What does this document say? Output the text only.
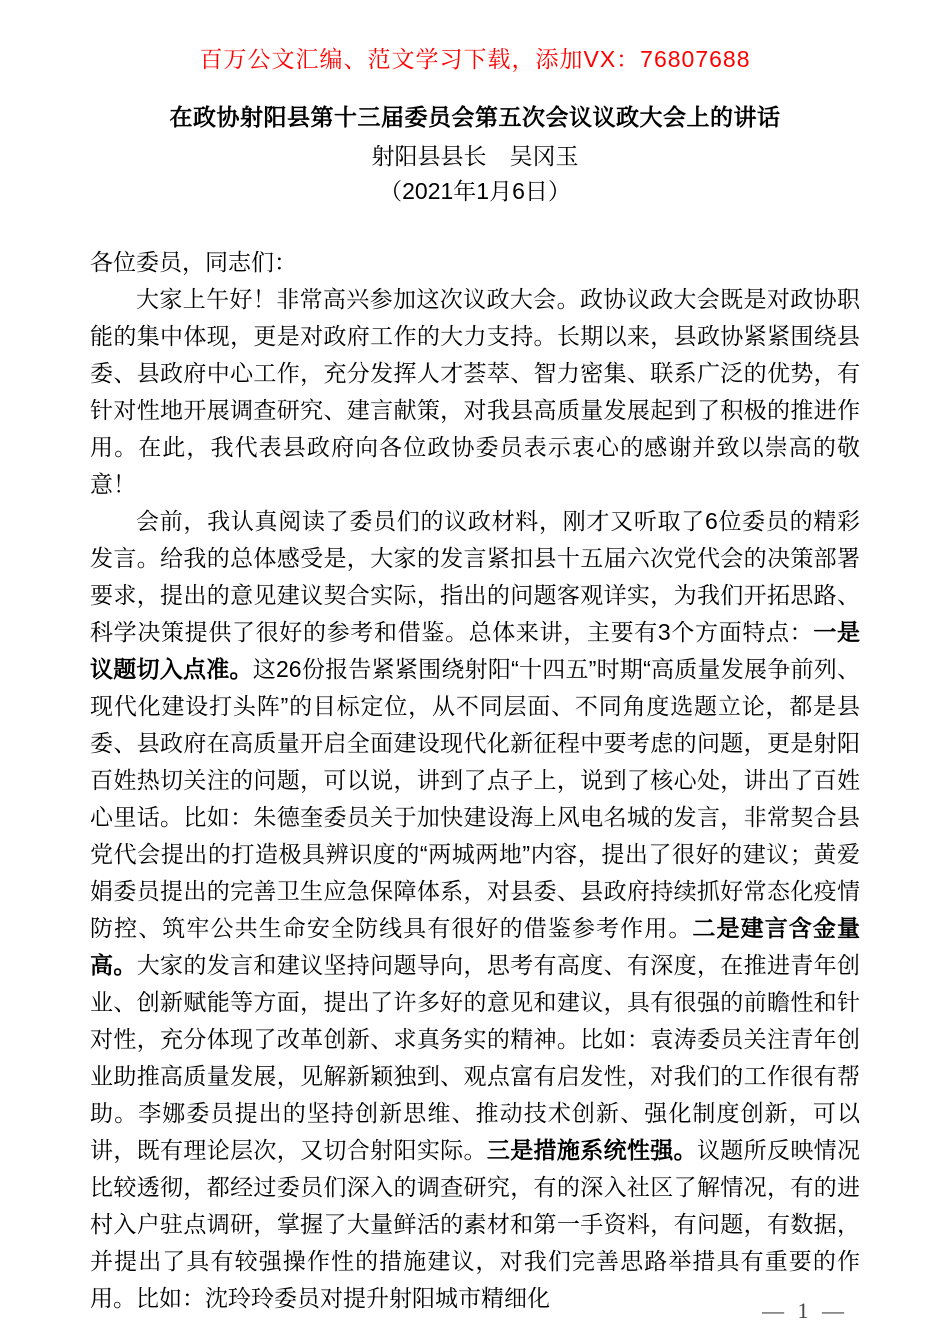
百万公文汇编、范文学习下载，添加VX：76807688
在政协射阳县第十三届委员会第五次会议议政大会上的讲话
射阳县县长　吴冈玉
（2021年1月6日）

各位委员，同志们：

大家上午好！非常高兴参加这次议政大会。政协议政大会既是对政协职能的集中体现，更是对政府工作的大力支持。长期以来，县政协紧紧围绕县委、县政府中心工作，充分发挥人才荟萃、智力密集、联系广泛的优势，有针对性地开展调查研究、建言献策，对我县高质量发展起到了积极的推进作用。在此，我代表县政府向各位政协委员表示衷心的感谢并致以崇高的敬意！

会前，我认真阅读了委员们的议政材料，刚才又听取了6位委员的精彩发言。给我的总体感受是，大家的发言紧扣县十五届六次党代会的决策部署要求，提出的意见建议契合实际，指出的问题客观详实，为我们开拓思路、科学决策提供了很好的参考和借鉴。总体来讲，主要有3个方面特点：一是议题切入点准。这26份报告紧紧围绕射阳“十四五”时期“高质量发展争前列、现代化建设打头阵”的目标定位，从不同层面、不同角度选题立论，都是县委、县政府在高质量开启全面建设现代化新征程中要考虑的问题，更是射阳百姓热切关注的问题，可以说，讲到了点子上，说到了核心处，讲出了百姓心里话。比如：朱德奎委员关于加快建设海上风电名城的发言，非常契合县党代会提出的打造极具辨识度的“两城两地”内容，提出了很好的建议；黄爱娟委员提出的完善卫生应急保障体系，对县委、县政府持续抓好常态化疫情防控、筑牢公共生命安全防线具有很好的借鉴参考作用。二是建言含金量高。大家的发言和建议坚持问题导向，思考有高度、有深度，在推进青年创业、创新赋能等方面，提出了许多好的意见和建议，具有很强的前瞻性和针对性，充分体现了改革创新、求真务实的精神。比如：袁涛委员关注青年创业助推高质量发展，见解新颖独到、观点富有启发性，对我们的工作很有帮助。李娜委员提出的坚持创新思维、推动技术创新、强化制度创新，可以讲，既有理论层次，又切合射阳实际。三是措施系统性强。议题所反映情况比较透彻，都经过委员们深入的调查研究，有的深入社区了解情况，有的进村入户驻点调研，掌握了大量鲜活的素材和第一手资料，有问题，有数据，并提出了具有较强操作性的措施建议，对我们完善思路举措具有重要的作用。比如：沈玲玲委员对提升射阳城市精细化	— 1 —
